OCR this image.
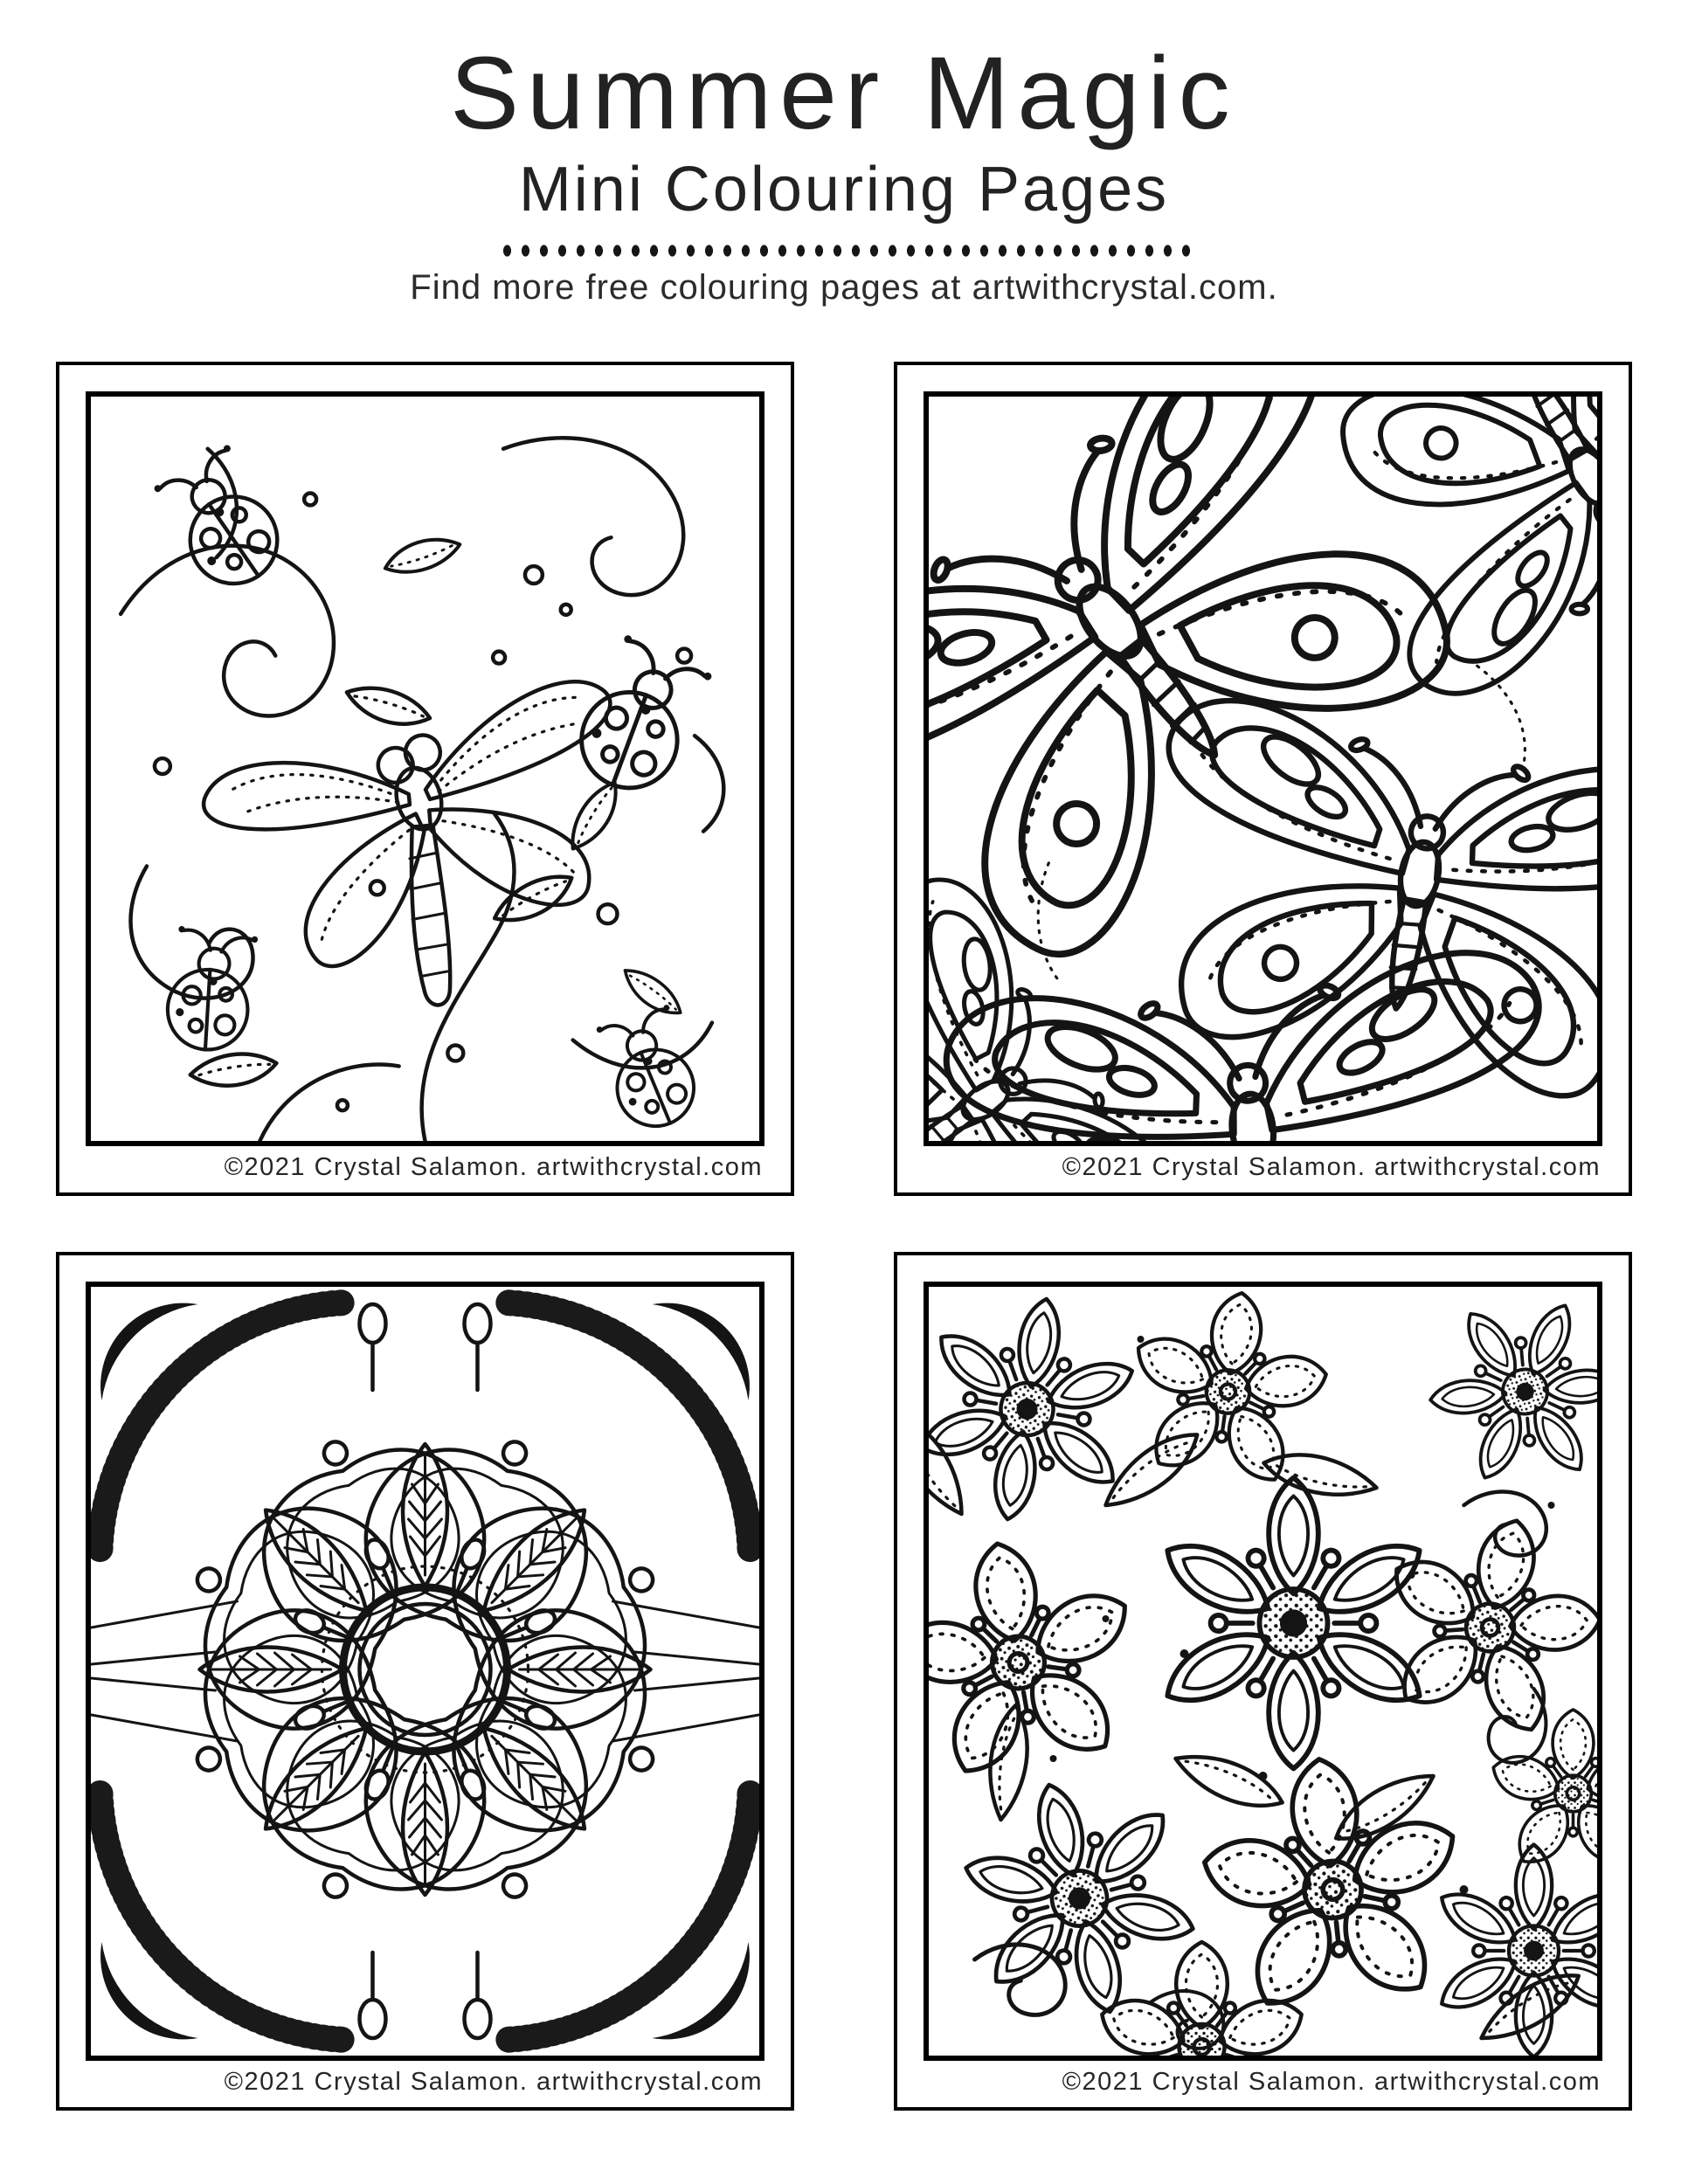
Summer Magic
Mini Colouring Pages
Find more free colouring pages at artwithcrystal.com.
©2021 Crystal Salamon. artwithcrystal.com	©2021 Crystal Salamon. artwithcrystal.com
©2021 Crystal Salamon. artwithcrystal.com	©2021 Crystal Salamon. artwithcrystal.com
